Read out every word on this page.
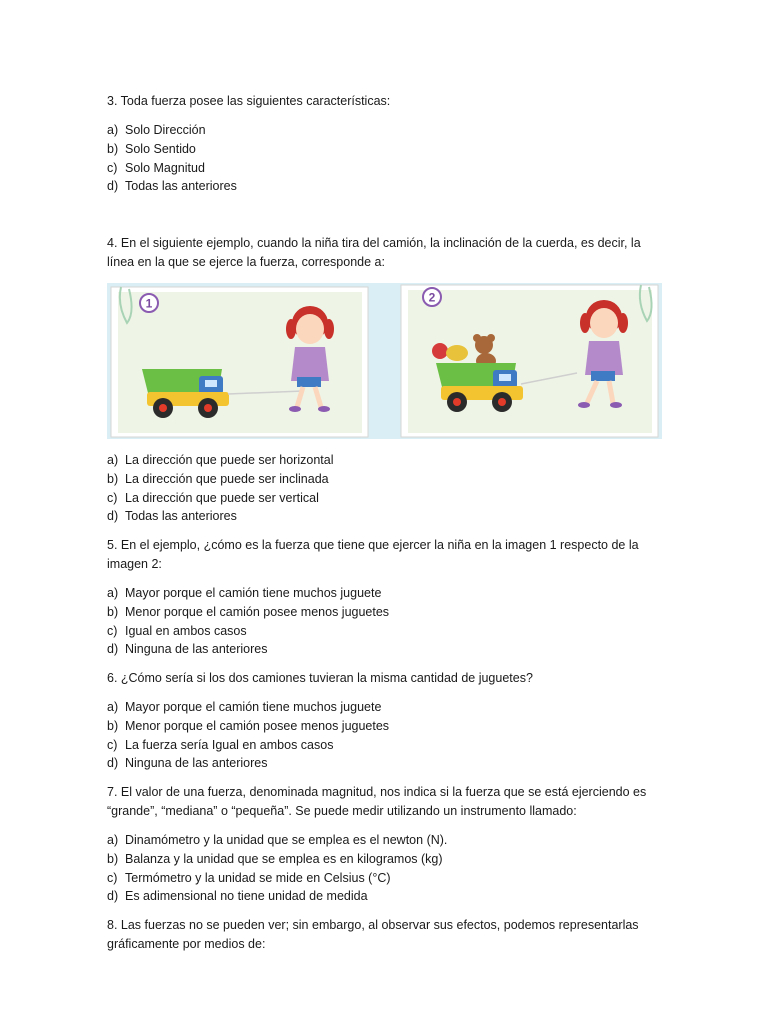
3. Toda fuerza posee las siguientes características:
a) Solo Dirección
b) Solo Sentido
c) Solo Magnitud
d) Todas las anteriores
4. En el siguiente ejemplo, cuando la niña tira del camión, la inclinación de la cuerda, es decir, la línea en la que se ejerce la fuerza, corresponde a:
1	2
a) La dirección que puede ser horizontal
b) La dirección que puede ser inclinada
c) La dirección que puede ser vertical
d) Todas las anteriores
5. En el ejemplo, ¿cómo es la fuerza que tiene que ejercer la niña en la imagen 1 respecto de la imagen 2:
a) Mayor porque el camión tiene muchos juguete
b) Menor porque el camión posee menos juguetes
c) Igual en ambos casos
d) Ninguna de las anteriores
6. ¿Cómo sería si los dos camiones tuvieran la misma cantidad de juguetes?
a) Mayor porque el camión tiene muchos juguete
b) Menor porque el camión posee menos juguetes
c) La fuerza sería Igual en ambos casos
d) Ninguna de las anteriores
7. El valor de una fuerza, denominada magnitud, nos indica si la fuerza que se está ejerciendo es “grande”, “mediana” o “pequeña”. Se puede medir utilizando un instrumento llamado:
a) Dinamómetro y la unidad que se emplea es el newton (N).
b) Balanza y la unidad que se emplea es en kilogramos (kg)
c) Termómetro y la unidad se mide en Celsius (°C)
d) Es adimensional no tiene unidad de medida
8. Las fuerzas no se pueden ver; sin embargo, al observar sus efectos, podemos representarlas gráficamente por medios de:
